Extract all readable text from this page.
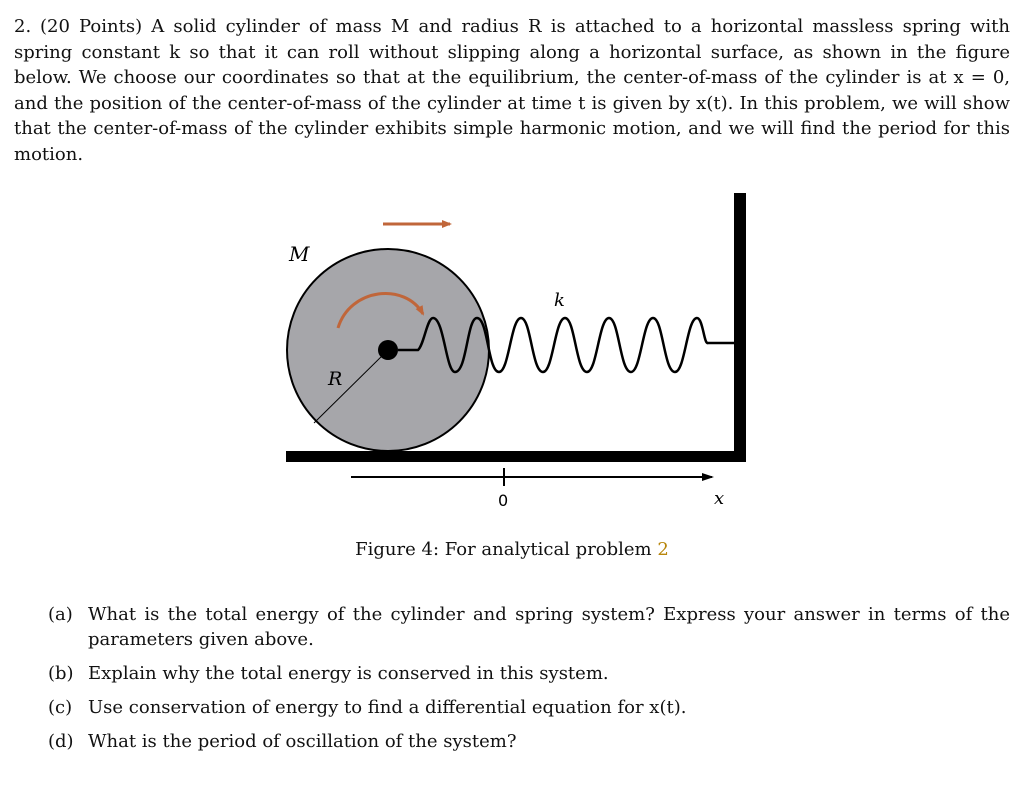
2. (20 Points) A solid cylinder of mass M and radius R is attached to a horizontal massless spring with spring constant k so that it can roll without slipping along a horizontal surface, as shown in the figure below. We choose our coordinates so that at the equilibrium, the center-of-mass of the cylinder is at x = 0, and the position of the center-of-mass of the cylinder at time t is given by x(t). In this problem, we will show that the center-of-mass of the cylinder exhibits simple harmonic motion, and we will find the period for this motion.
M
R
k
0	x
Figure 4: For analytical problem 2
(a) What is the total energy of the cylinder and spring system? Express your answer in terms of the parameters given above.
(b) Explain why the total energy is conserved in this system.
(c) Use conservation of energy to find a differential equation for x(t).
(d) What is the period of oscillation of the system?
